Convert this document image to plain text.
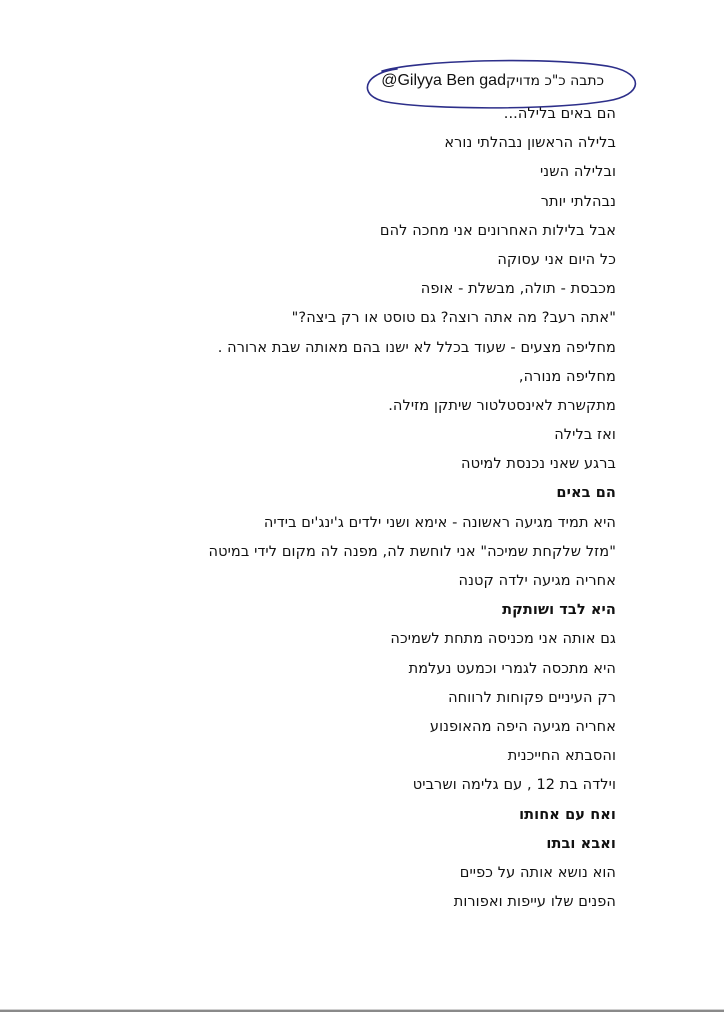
@Gilyya Ben gadכתבה כ"כ מדויק
הם באים בלילה...
בלילה הראשון נבהלתי נורא
ובלילה השני
נבהלתי יותר
אבל בלילות האחרונים אני מחכה להם
כל היום אני עסוקה
מכבסת - תולה, מבשלת - אופה
"אתה רעב? מה אתה רוצה? גם טוסט או רק ביצה?"
מחליפה מצעים - שעוד בכלל לא ישנו בהם מאותה שבת ארורה .
מחליפה מנורה,
מתקשרת לאינסטלטור שיתקן מזילה.
ואז בלילה
ברגע שאני נכנסת למיטה
הם באים
היא תמיד מגיעה ראשונה - אימא ושני ילדים ג'ינג'ים בידיה
"מזל שלקחת שמיכה" אני לוחשת לה, מפנה לה מקום לידי במיטה
אחריה מגיעה ילדה קטנה
היא לבד ושותקת
גם אותה אני מכניסה מתחת לשמיכה
היא מתכסה לגמרי וכמעט נעלמת
רק העיניים פקוחות לרווחה
אחריה מגיעה היפה מהאופנוע
והסבתא החייכנית
וילדה בת 12 , עם גלימה ושרביט
ואח עם אחותו
ואבא ובתו
הוא נושא אותה על כפיים
הפנים שלו עייפות ואפורות
